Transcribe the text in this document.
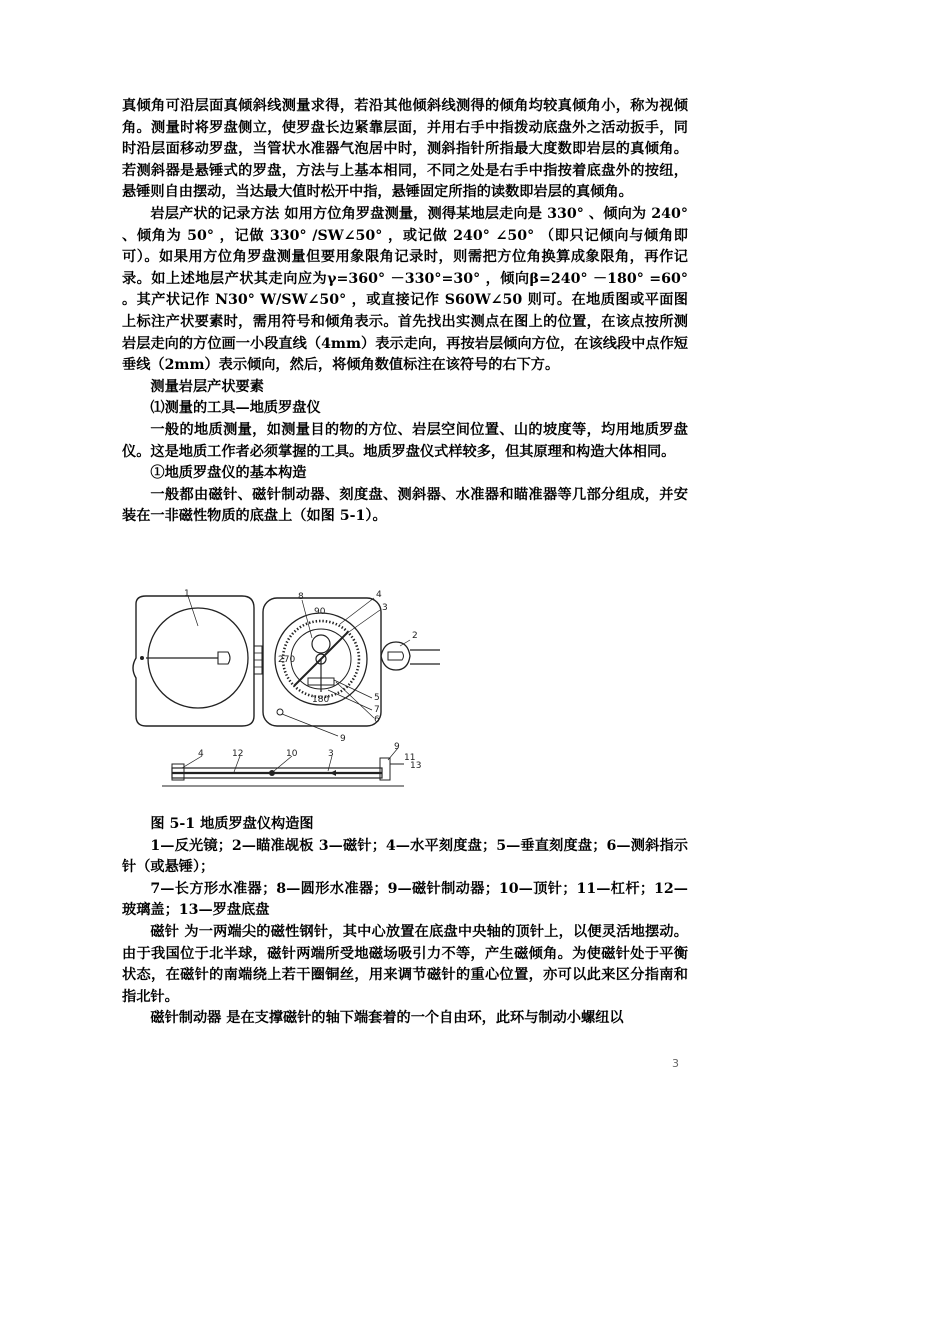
真倾角可沿层面真倾斜线测量求得，若沿其他倾斜线测得的倾角均较真倾角小，称为视倾角。测量时将罗盘侧立，使罗盘长边紧靠层面，并用右手中指拨动底盘外之活动扳手，同时沿层面移动罗盘，当管状水准器气泡居中时，测斜指针所指最大度数即岩层的真倾角。若测斜器是悬锤式的罗盘，方法与上基本相同，不同之处是右手中指按着底盘外的按纽，悬锤则自由摆动，当达最大值时松开中指，悬锤固定所指的读数即岩层的真倾角。

岩层产状的记录方法 如用方位角罗盘测量，测得某地层走向是 330° 、倾向为 240° 、倾角为 50° ，记做 330° /SW∠50° ，或记做 240° ∠50° （即只记倾向与倾角即可）。如果用方位角罗盘测量但要用象限角记录时，则需把方位角换算成象限角，再作记录。如上述地层产状其走向应为γ=360° －330°=30° ，倾向β=240° －180° =60° 。其产状记作 N30° W/SW∠50° ，或直接记作 S60W∠50 则可。在地质图或平面图上标注产状要素时，需用符号和倾角表示。首先找出实测点在图上的位置，在该点按所测岩层走向的方位画一小段直线（4mm）表示走向，再按岩层倾向方位，在该线段中点作短垂线（2mm）表示倾向，然后，将倾角数值标注在该符号的右下方。

测量岩层产状要素

⑴测量的工具—地质罗盘仪

一般的地质测量，如测量目的物的方位、岩层空间位置、山的坡度等，均用地质罗盘仪。这是地质工作者必须掌握的工具。地质罗盘仪式样较多，但其原理和构造大体相同。

①地质罗盘仪的基本构造

一般都由磁针、磁针制动器、刻度盘、测斜器、水准器和瞄准器等几部分组成，并安装在一非磁性物质的底盘上（如图 5-1）。

90
270
180
1
2
3
4
5
6
7
8
9
9
4	10	11
12
13
3

图 5-1 地质罗盘仪构造图

1—反光镜；2—瞄准觇板 3—磁针；4—水平刻度盘；5—垂直刻度盘；6—测斜指示针（或悬锤）；

7—长方形水准器；8—圆形水准器；9—磁针制动器；10—顶针；11—杠杆；12—玻璃盖；13—罗盘底盘

磁针 为一两端尖的磁性钢针，其中心放置在底盘中央轴的顶针上，以便灵活地摆动。由于我国位于北半球，磁针两端所受地磁场吸引力不等，产生磁倾角。为使磁针处于平衡状态，在磁针的南端绕上若干圈铜丝，用来调节磁针的重心位置，亦可以此来区分指南和指北针。

磁针制动器 是在支撑磁针的轴下端套着的一个自由环，此环与制动小螺纽以

3
